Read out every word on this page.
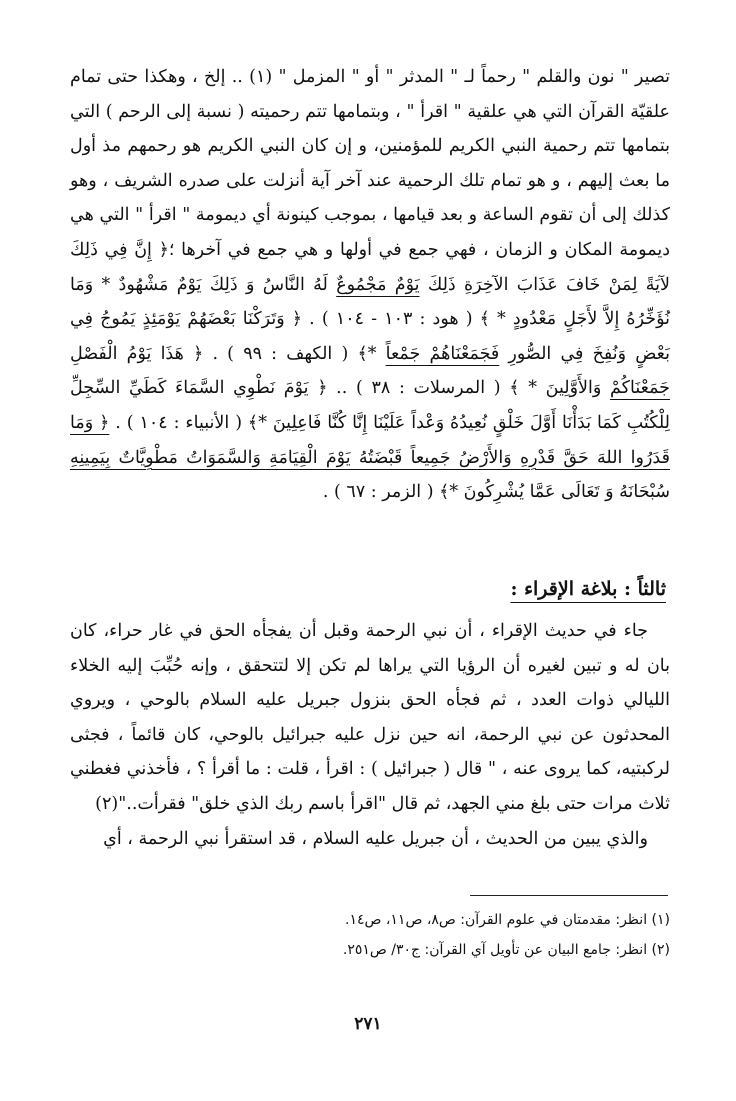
تصير " نون والقلم " رحماً لـ " المدثر " أو " المزمل " (١) .. إلخ ، وهكذا حتى تمام علقيّة القرآن التي هي علقية " اقرأ " ، وبتمامها تتم رحميته ( نسبة إلى الرحم ) التي بتمامها تتم رحمية النبي الكريم للمؤمنين، و إن كان النبي الكريم هو رحمهم مذ أول ما بعث إليهم ، و هو تمام تلك الرحمية عند آخر آية أنزلت على صدره الشريف ، وهو كذلك إلى أن تقوم الساعة و بعد قيامها ، بموجب كينونة أي ديمومة " اقرأ " التي هي ديمومة المكان و الزمان ، فهي جمع في أولها و هي جمع في آخرها ؛﴿ إِنَّ فِي ذَلِكَ لآيَةً لِمَنْ خَافَ عَذَابَ الآخِرَةِ ذَلِكَ يَوْمٌ مَجْمُوعٌ لَهُ النَّاسُ وَ ذَلِكَ يَوْمٌ مَشْهُودٌ * وَمَا نُؤَخِّرُهُ إِلاَّ لأَجَلٍ مَعْدُودٍ * ﴾ ( هود : ١٠٣ - ١٠٤ ) . ﴿ وَتَرَكْنَا بَعْضَهُمْ يَوْمَئِذٍ يَمُوجُ فِي بَعْضٍ وَنُفِخَ فِي الصُّورِ فَجَمَعْنَاهُمْ جَمْعاً *﴾ ( الكهف : ٩٩ ) . ﴿ هَذَا يَوْمُ الْفَصْلِ جَمَعْنَاكُمْ وَالأَوَّلِينَ * ﴾ ( المرسلات : ٣٨ ) .. ﴿ يَوْمَ نَطْوِي السَّمَاءَ كَطَيِّ السِّجِلِّ لِلْكُتُبِ كَمَا بَدَأْنَا أَوَّلَ خَلْقٍ نُعِيدُهُ وَعْداً عَلَيْنَا إِنَّا كُنَّا فَاعِلِينَ *﴾ ( الأنبياء : ١٠٤ ) . ﴿ وَمَا قَدَرُوا اللهَ حَقَّ قَدْرِهِ وَالأَرْضُ جَمِيعاً قَبْضَتُهُ يَوْمَ الْقِيَامَةِ وَالسَّمَوَاتُ مَطْوِيَّاتٌ بِيَمِينِهِ سُبْحَانَهُ وَ تَعَالَى عَمَّا يُشْرِكُونَ *﴾ ( الزمر : ٦٧ ) .

ثالثاً : بلاغة الإقراء :

جاء في حديث الإقراء ، أن نبي الرحمة وقبل أن يفجأه الحق في غار حراء، كان بان له و تبين لغيره أن الرؤيا التي يراها لم تكن إلا لتتحقق ، وإنه حُبِّبَ إليه الخلاء الليالي ذوات العدد ، ثم فجأه الحق بنزول جبريل عليه السلام بالوحي ، ويروي المحدثون عن نبي الرحمة، انه حين نزل عليه جبرائيل بالوحي، كان قائماً ، فجثى لركبتيه، كما يروى عنه ، " قال ( جبرائيل ) : اقرأ ، قلت : ما أقرأ ؟ ، فأخذني فغطني ثلاث مرات حتى بلغ مني الجهد، ثم قال "اقرأ باسم ربك الذي خلق" فقرأت.."(٢)

والذي يبين من الحديث ، أن جبريل عليه السلام ، قد استقرأ نبي الرحمة ، أي

(١) انظر: مقدمتان في علوم القرآن: ص٨، ص١١، ص١٤.
(٢) انظر: جامع البيان عن تأويل آي القرآن: ج٣٠/ ص٢٥١.
٢٧١
